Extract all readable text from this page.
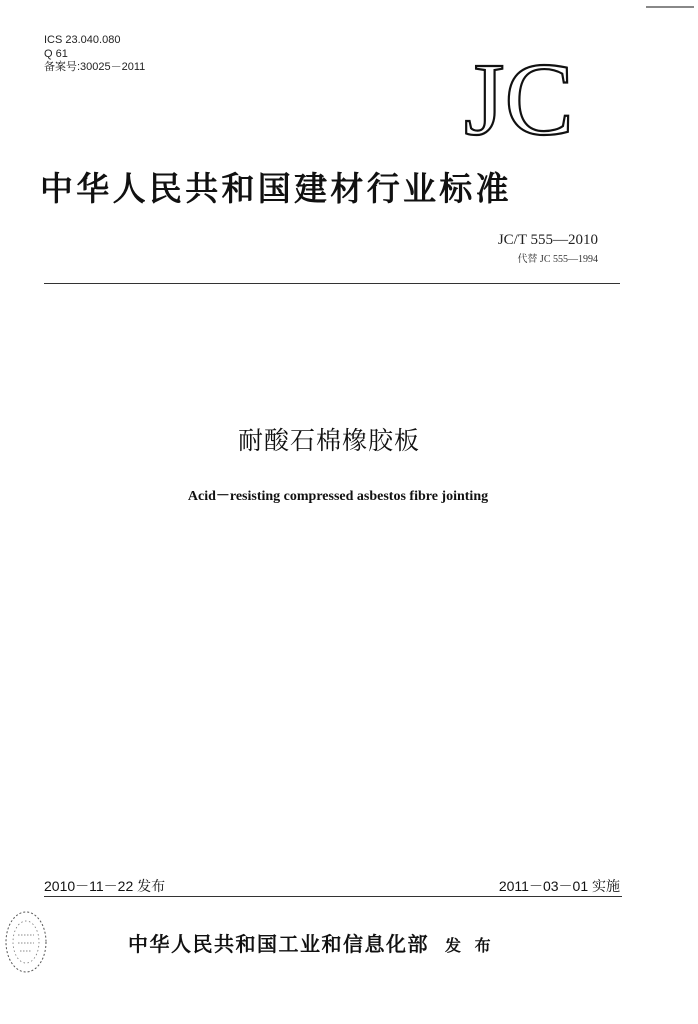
ICS 23.040.080
Q 61
备案号:30025－2011	JC
中华人民共和国建材行业标准
JC/T 555—2010
代替 JC 555—1994
耐酸石棉橡胶板
Acid－resisting compressed asbestos fibre jointing
2010－11－22 发布	2011－03－01 实施
中华人民共和国工业和信息化部 发 布
